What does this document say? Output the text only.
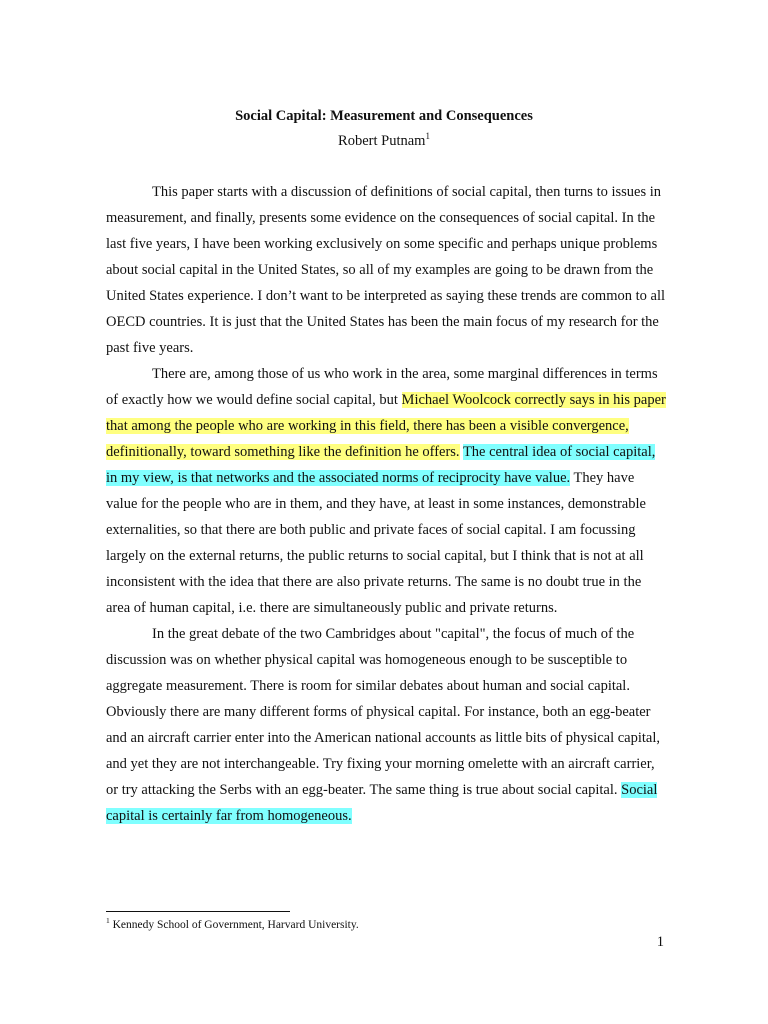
Social Capital: Measurement and Consequences
Robert Putnam$^1$

This paper starts with a discussion of definitions of social capital, then turns to issues in measurement, and finally, presents some evidence on the consequences of social capital. In the last five years, I have been working exclusively on some specific and perhaps unique problems about social capital in the United States, so all of my examples are going to be drawn from the United States experience. I don’t want to be interpreted as saying these trends are common to all OECD countries. It is just that the United States has been the main focus of my research for the past five years.

There are, among those of us who work in the area, some marginal differences in terms of exactly how we would define social capital, but Michael Woolcock correctly says in his paper that among the people who are working in this field, there has been a visible convergence, definitionally, toward something like the definition he offers. The central idea of social capital, in my view, is that networks and the associated norms of reciprocity have value. They have value for the people who are in them, and they have, at least in some instances, demonstrable externalities, so that there are both public and private faces of social capital. I am focussing largely on the external returns, the public returns to social capital, but I think that is not at all inconsistent with the idea that there are also private returns. The same is no doubt true in the area of human capital, i.e. there are simultaneously public and private returns.

In the great debate of the two Cambridges about "capital", the focus of much of the discussion was on whether physical capital was homogeneous enough to be susceptible to aggregate measurement. There is room for similar debates about human and social capital. Obviously there are many different forms of physical capital. For instance, both an egg-beater and an aircraft carrier enter into the American national accounts as little bits of physical capital, and yet they are not interchangeable. Try fixing your morning omelette with an aircraft carrier, or try attacking the Serbs with an egg-beater. The same thing is true about social capital. Social capital is certainly far from homogeneous.

$^1$ Kennedy School of Government, Harvard University.
1
